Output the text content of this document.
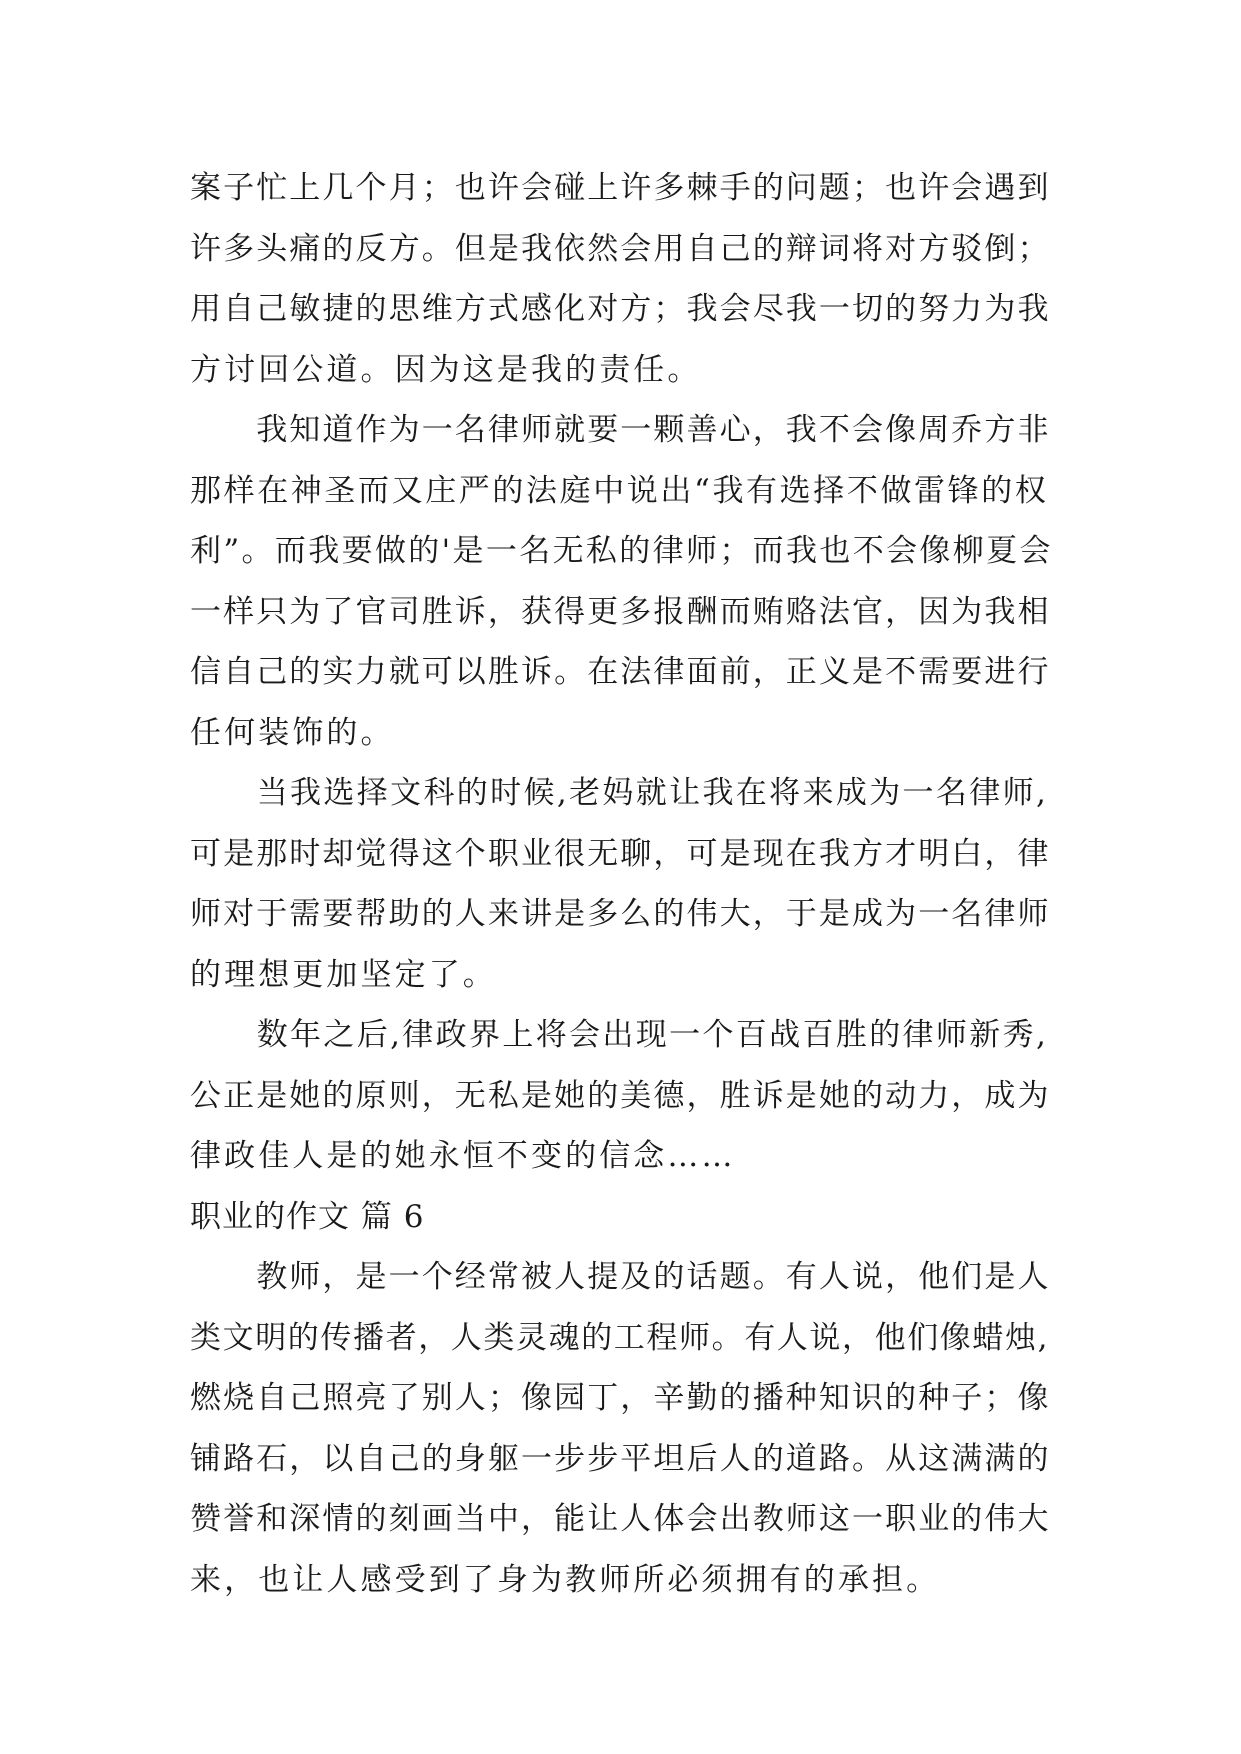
案子忙上几个月；也许会碰上许多棘手的问题；也许会遇到
许多头痛的反方。但是我依然会用自己的辩词将对方驳倒；
用自己敏捷的思维方式感化对方；我会尽我一切的努力为我
方讨回公道。因为这是我的责任。
　　我知道作为一名律师就要一颗善心，我不会像周乔方非
那样在神圣而又庄严的法庭中说出“我有选择不做雷锋的权
利”。而我要做的'是一名无私的律师；而我也不会像柳夏会
一样只为了官司胜诉，获得更多报酬而贿赂法官，因为我相
信自己的实力就可以胜诉。在法律面前，正义是不需要进行
任何装饰的。
　　当我选择文科的时候,老妈就让我在将来成为一名律师,
可是那时却觉得这个职业很无聊，可是现在我方才明白，律
师对于需要帮助的人来讲是多么的伟大，于是成为一名律师
的理想更加坚定了。
　　数年之后,律政界上将会出现一个百战百胜的律师新秀,
公正是她的原则，无私是她的美德，胜诉是她的动力，成为
律政佳人是的她永恒不变的信念……
职业的作文 篇 6
　　教师，是一个经常被人提及的话题。有人说，他们是人
类文明的传播者，人类灵魂的工程师。有人说，他们像蜡烛,
燃烧自己照亮了别人；像园丁，辛勤的播种知识的种子；像
铺路石，以自己的身躯一步步平坦后人的道路。从这满满的
赞誉和深情的刻画当中，能让人体会出教师这一职业的伟大
来，也让人感受到了身为教师所必须拥有的承担。
